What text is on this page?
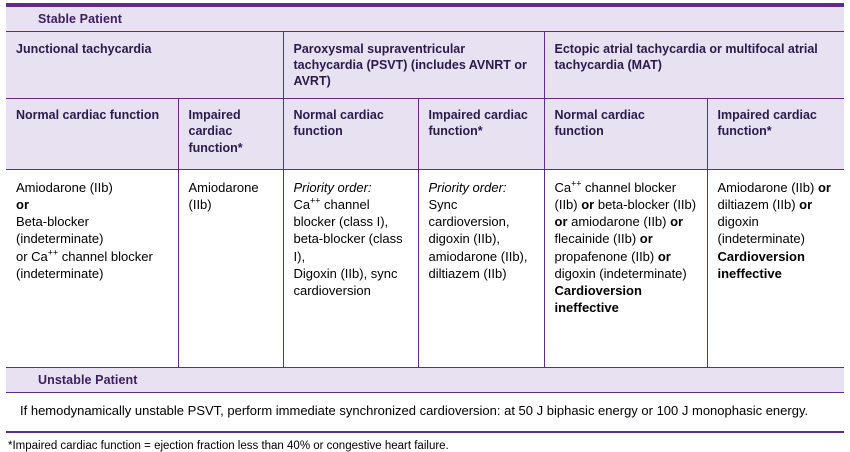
Stable Patient					
Junctional tachycardia		Paroxysmal supraventricular tachycardia (PSVT) (includes AVNRT or AVRT)		Ectopic atrial tachycardia or multifocal atrial tachycardia (MAT)	
Normal cardiac function	Impaired cardiac function*	Normal cardiac function	Impaired cardiac function*	Normal cardiac function	Impaired cardiac function*

Amiodarone (IIb)
or
Beta-blocker (indeterminate)
or Ca++ channel blocker (indeterminate)	Amiodarone (IIb)	Priority order:
Ca++ channel blocker (class I), beta-blocker (class I),
Digoxin (IIb), sync cardioversion	Priority order:
Sync cardioversion, digoxin (IIb), amiodarone (IIb), diltiazem (IIb)	Ca++ channel blocker (IIb) or beta-blocker (IIb) or amiodarone (IIb) or flecainide (IIb) or propafenone (IIb) or digoxin (indeterminate)
Cardioversion ineffective	Amiodarone (IIb) or diltiazem (IIb) or digoxin (indeterminate)
Cardioversion ineffective

Unstable Patient					
If hemodynamically unstable PSVT, perform immediate synchronized cardioversion: at 50 J biphasic energy or 100 J monophasic energy.					
*Impaired cardiac function = ejection fraction less than 40% or congestive heart failure.
